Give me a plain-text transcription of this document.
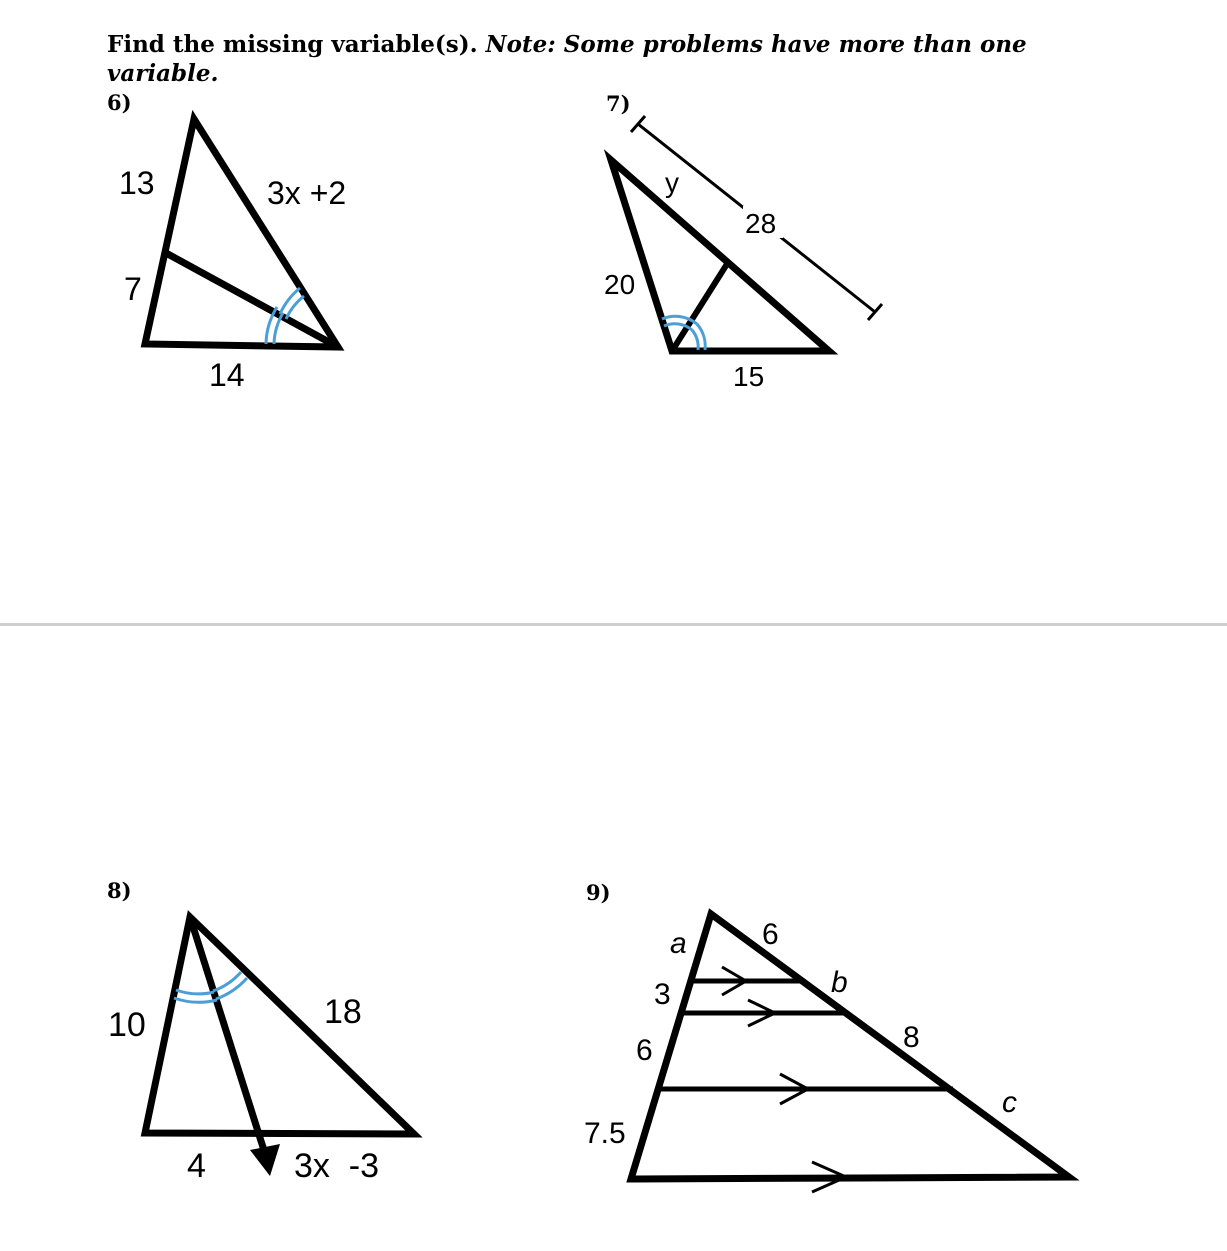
Find the missing variable(s). Note: Some problems have more than one variable.
6)	7)
8)	9)
13
7
3x +2
14
y
28
20
15
10	18
4	3x  -3
a
3
6
7.5
6
b
8
c
